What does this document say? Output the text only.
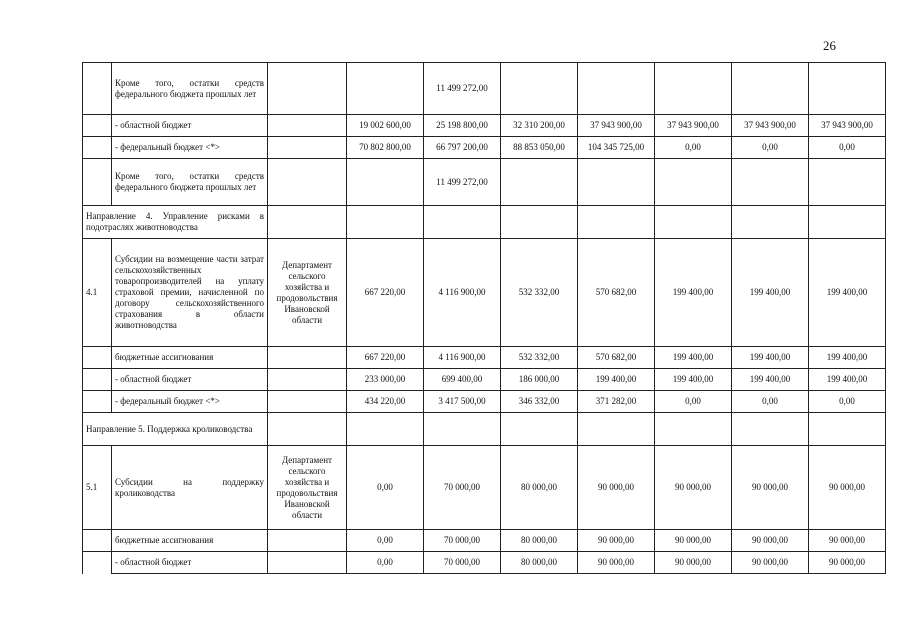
26
	Кроме того, остатки средств федерального бюджета прошлых лет			11 499 272,00					
	- областной бюджет		19 002 600,00	25 198 800,00	32 310 200,00	37 943 900,00	37 943 900,00	37 943 900,00	37 943 900,00
	- федеральный бюджет <*>		70 802 800,00	66 797 200,00	88 853 050,00	104 345 725,00	0,00	0,00	0,00
	Кроме того, остатки средств федерального бюджета прошлых лет			11 499 272,00					
Направление 4. Управление рисками в подотраслях животноводства									
4.1	Субсидии на возмещение части затрат сельскохозяйственных товаропроизводителей на уплату страховой премии, начисленной по договору сельскохозяйственного страхования в области животноводства	Департамент сельского хозяйства и продовольствия Ивановской области	667 220,00	4 116 900,00	532 332,00	570 682,00	199 400,00	199 400,00	199 400,00
	бюджетные ассигнования		667 220,00	4 116 900,00	532 332,00	570 682,00	199 400,00	199 400,00	199 400,00
	- областной бюджет		233 000,00	699 400,00	186 000,00	199 400,00	199 400,00	199 400,00	199 400,00
	- федеральный бюджет <*>		434 220,00	3 417 500,00	346 332,00	371 282,00	0,00	0,00	0,00
Направление 5. Поддержка кролиководства									
5.1	Субсидии на поддержку кролиководства	Департамент сельского хозяйства и продовольствия Ивановской области	0,00	70 000,00	80 000,00	90 000,00	90 000,00	90 000,00	90 000,00
	бюджетные ассигнования		0,00	70 000,00	80 000,00	90 000,00	90 000,00	90 000,00	90 000,00
	- областной бюджет		0,00	70 000,00	80 000,00	90 000,00	90 000,00	90 000,00	90 000,00
